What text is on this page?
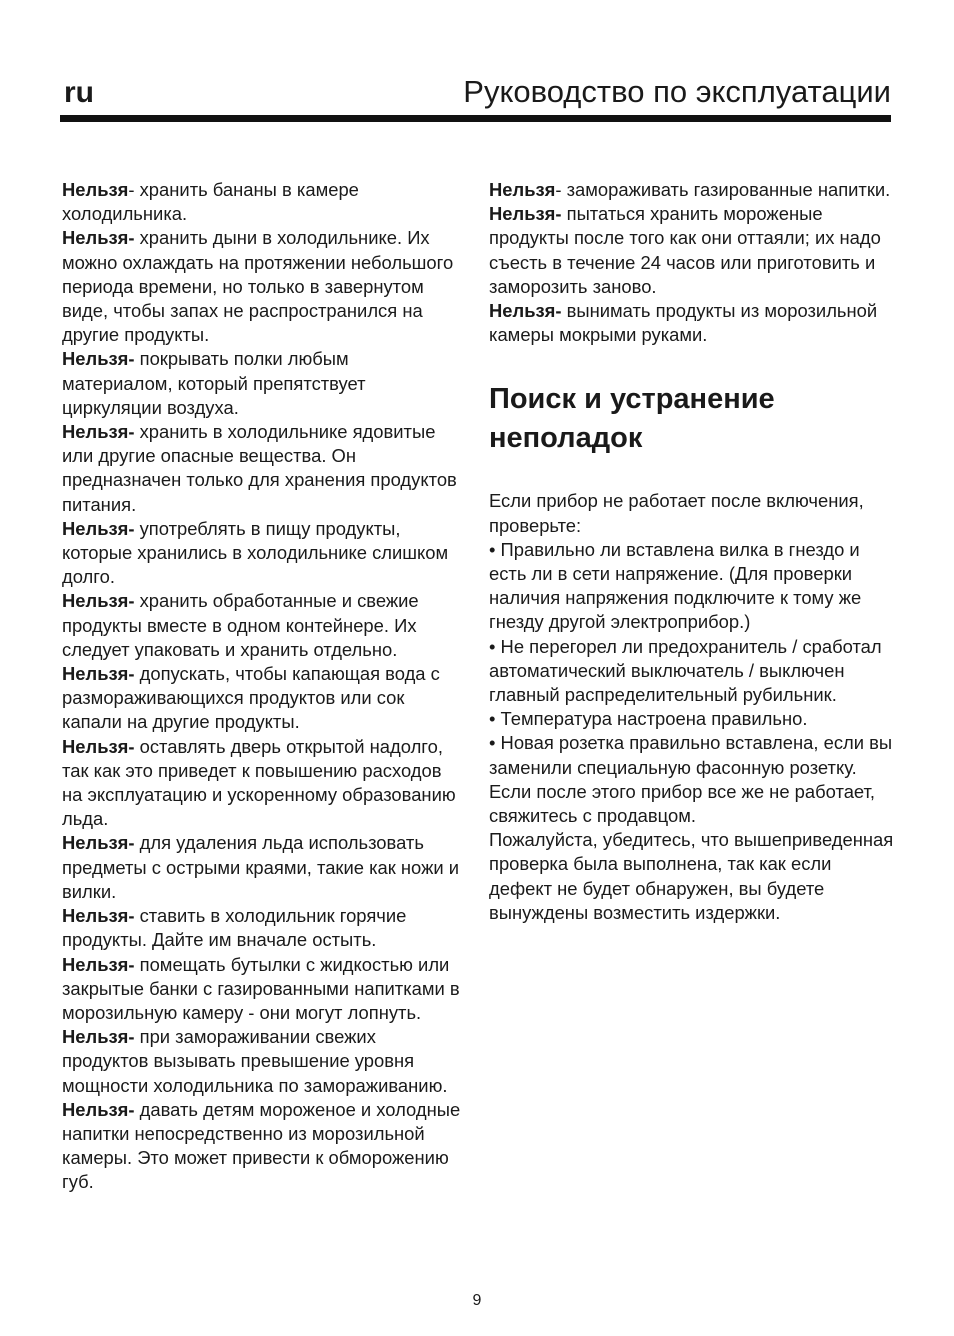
ru	Руководство по эксплуатации

Нельзя- хранить бананы в камере холодильника.

Нельзя- хранить дыни в холодильнике. Их можно охлаждать на протяжении небольшого периода времени, но только в завернутом виде, чтобы запах не распространился на другие продукты.

Нельзя- покрывать полки любым материалом, который препятствует циркуляции воздуха.

Нельзя- хранить в холодильнике ядовитые или другие опасные вещества. Он предназначен только для хранения продуктов питания.

Нельзя- употреблять в пищу продукты, которые хранились в холодильнике слишком долго.

Нельзя- хранить обработанные и свежие продукты вместе в одном контейнере. Их следует упаковать и хранить отдельно.

Нельзя- допускать, чтобы капающая вода с размораживающихся продуктов или сок капали на другие продукты.

Нельзя- оставлять дверь открытой надолго, так как это приведет к повышению расходов на эксплуатацию и ускоренному образованию льда.

Нельзя- для удаления льда использовать предметы с острыми краями, такие как ножи и вилки.

Нельзя- ставить в холодильник горячие продукты. Дайте им вначале остыть.

Нельзя- помещать бутылки с жидкостью или закрытые банки с газированными напитками в морозильную камеру - они могут лопнуть.

Нельзя- при замораживании свежих продуктов вызывать превышение уровня мощности холодильника по замораживанию.

Нельзя- давать детям мороженое и холодные напитки непосредственно из морозильной камеры. Это может привести к обморожению губ.

Нельзя- замораживать газированные напитки.

Нельзя- пытаться хранить мороженые продукты после того как они оттаяли; их надо съесть в течение 24 часов или приготовить и заморозить заново.

Нельзя- вынимать продукты из морозильной камеры мокрыми руками.

Поиск и устранение неполадок

Если прибор не работает после включения, проверьте:

• Правильно ли вставлена вилка в гнездо и есть ли в сети напряжение. (Для проверки наличия напряжения подключите к тому же гнезду другой электроприбор.)

• Не перегорел ли предохранитель / сработал автоматический выключатель / выключен главный распределительный рубильник.

• Температура настроена правильно.

• Новая розетка правильно вставлена, если вы заменили специальную фасонную розетку.

Если после этого прибор все же не работает, свяжитесь с продавцом.

Пожалуйста, убедитесь, что вышеприведенная проверка была выполнена, так как если дефект не будет обнаружен, вы будете вынуждены возместить издержки.

9
